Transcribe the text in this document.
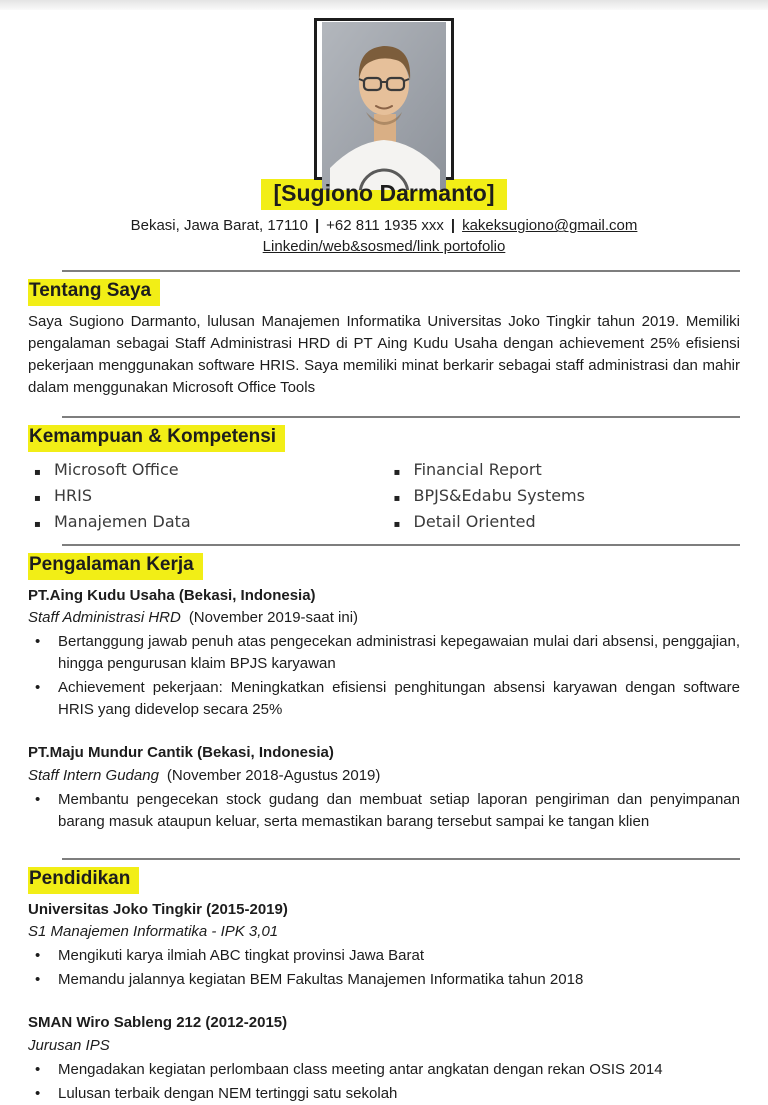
[Sugiono Darmanto]
Bekasi, Jawa Barat, 17110 | +62 811 1935 xxx | kakeksugiono@gmail.com
Linkedin/web&sosmed/link portofolio
Tentang Saya

Saya Sugiono Darmanto, lulusan Manajemen Informatika Universitas Joko Tingkir tahun 2019. Memiliki pengalaman sebagai Staff Administrasi HRD di PT Aing Kudu Usaha dengan achievement 25% efisiensi pekerjaan menggunakan software HRIS. Saya memiliki minat berkarir sebagai staff administrasi dan mahir dalam menggunakan Microsoft Office Tools

Kemampuan & Kompetensi
▪ Microsoft Office
▪ HRIS
▪ Manajemen Data
▪ Financial Report
▪ BPJS&Edabu Systems
▪ Detail Oriented
Pengalaman Kerja
PT.Aing Kudu Usaha (Bekasi, Indonesia)
Staff Administrasi HRD (November 2019-saat ini)
•	Bertanggung jawab penuh atas pengecekan administrasi kepegawaian mulai dari absensi, penggajian, hingga pengurusan klaim BPJS karyawan
•	Achievement pekerjaan: Meningkatkan efisiensi penghitungan absensi karyawan dengan software HRIS yang didevelop secara 25%
PT.Maju Mundur Cantik (Bekasi, Indonesia)
Staff Intern Gudang (November 2018-Agustus 2019)
•	Membantu pengecekan stock gudang dan membuat setiap laporan pengiriman dan penyimpanan barang masuk ataupun keluar, serta memastikan barang tersebut sampai ke tangan klien
Pendidikan
Universitas Joko Tingkir (2015-2019)
S1 Manajemen Informatika - IPK 3,01
•	Mengikuti karya ilmiah ABC tingkat provinsi Jawa Barat
•	Memandu jalannya kegiatan BEM Fakultas Manajemen Informatika tahun 2018
SMAN Wiro Sableng 212 (2012-2015)
Jurusan IPS
•	Mengadakan kegiatan perlombaan class meeting antar angkatan dengan rekan OSIS 2014
•	Lulusan terbaik dengan NEM tertinggi satu sekolah
